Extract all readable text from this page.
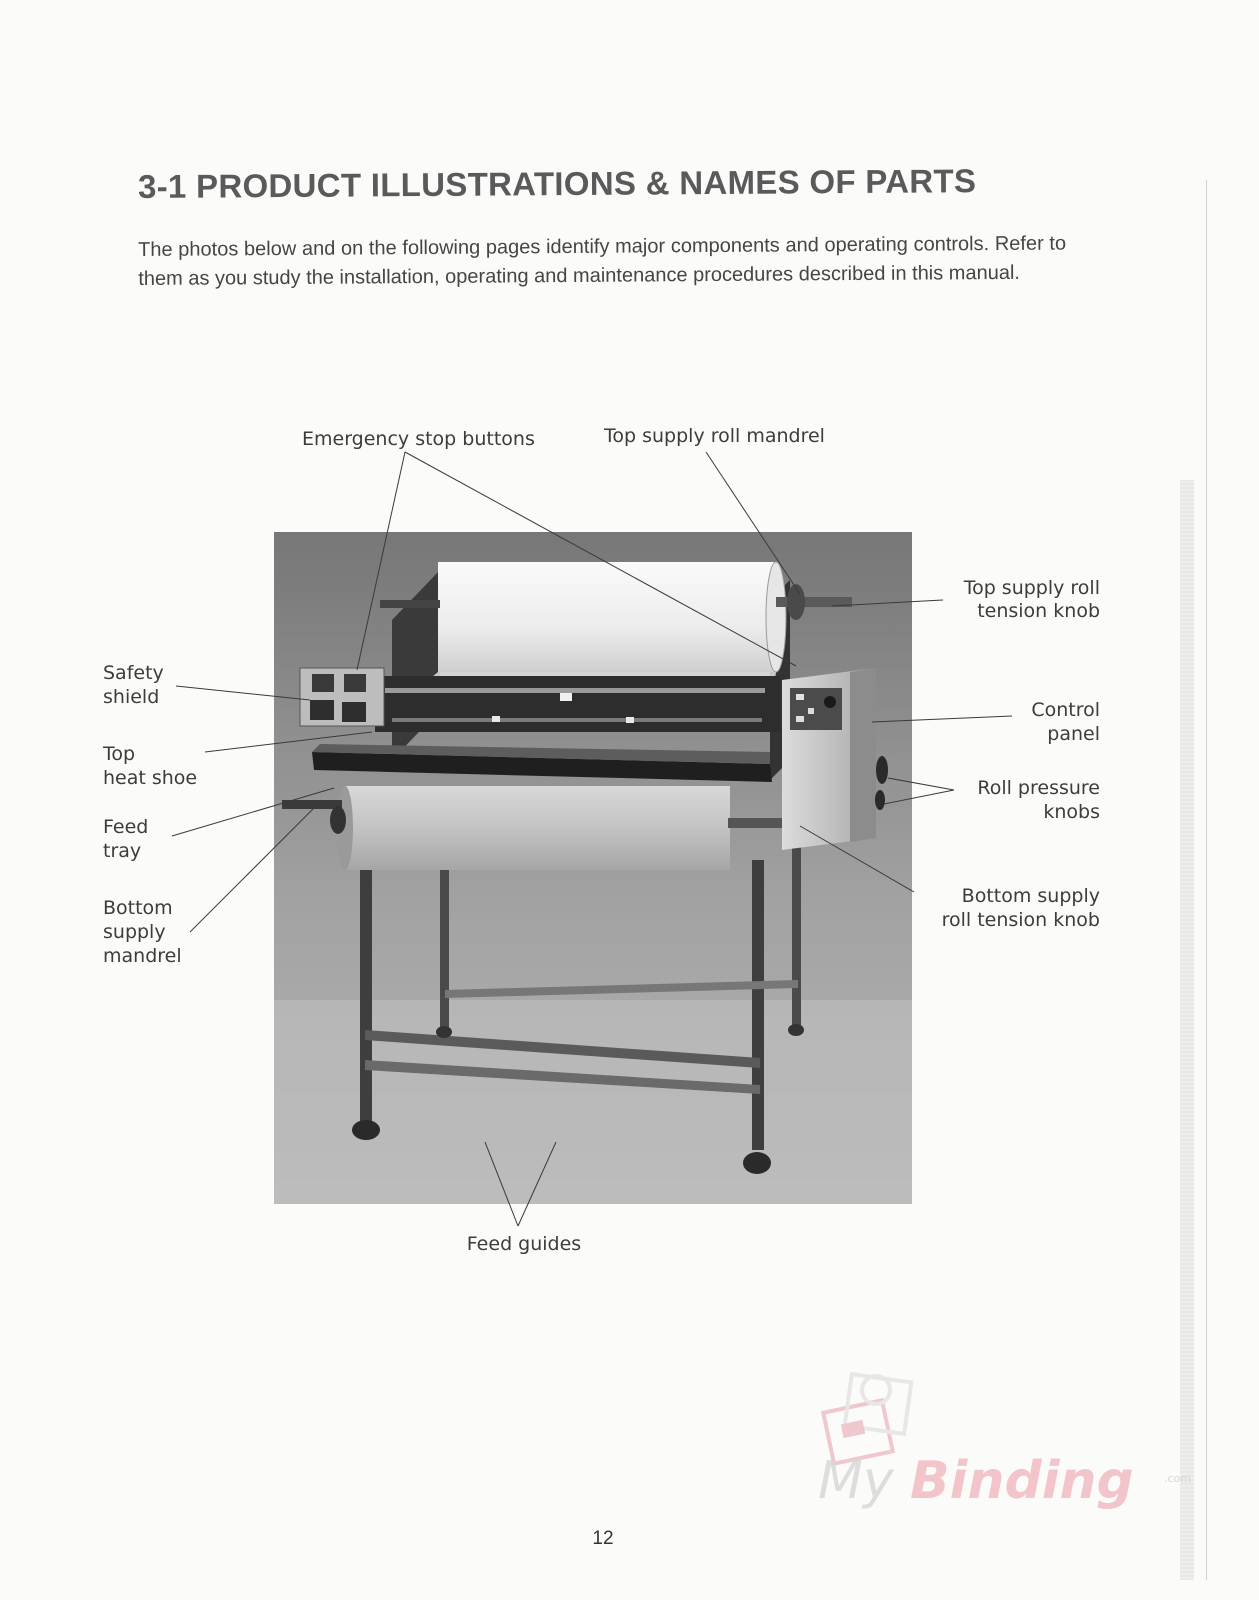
3-1 PRODUCT ILLUSTRATIONS & NAMES OF PARTS
The photos below and on the following pages identify major components and operating controls. Refer to them as you study the installation, operating and maintenance procedures described in this manual.
Emergency stop buttons	Top supply roll mandrel
Top supply roll
tension knob
Safety
shield
Control
panel
Top
heat shoe	Roll pressure
knobs
Feed
tray
Bottom supply
roll tension knob
Bottom
supply
mandrel
Feed guides
My Binding	.com
12
